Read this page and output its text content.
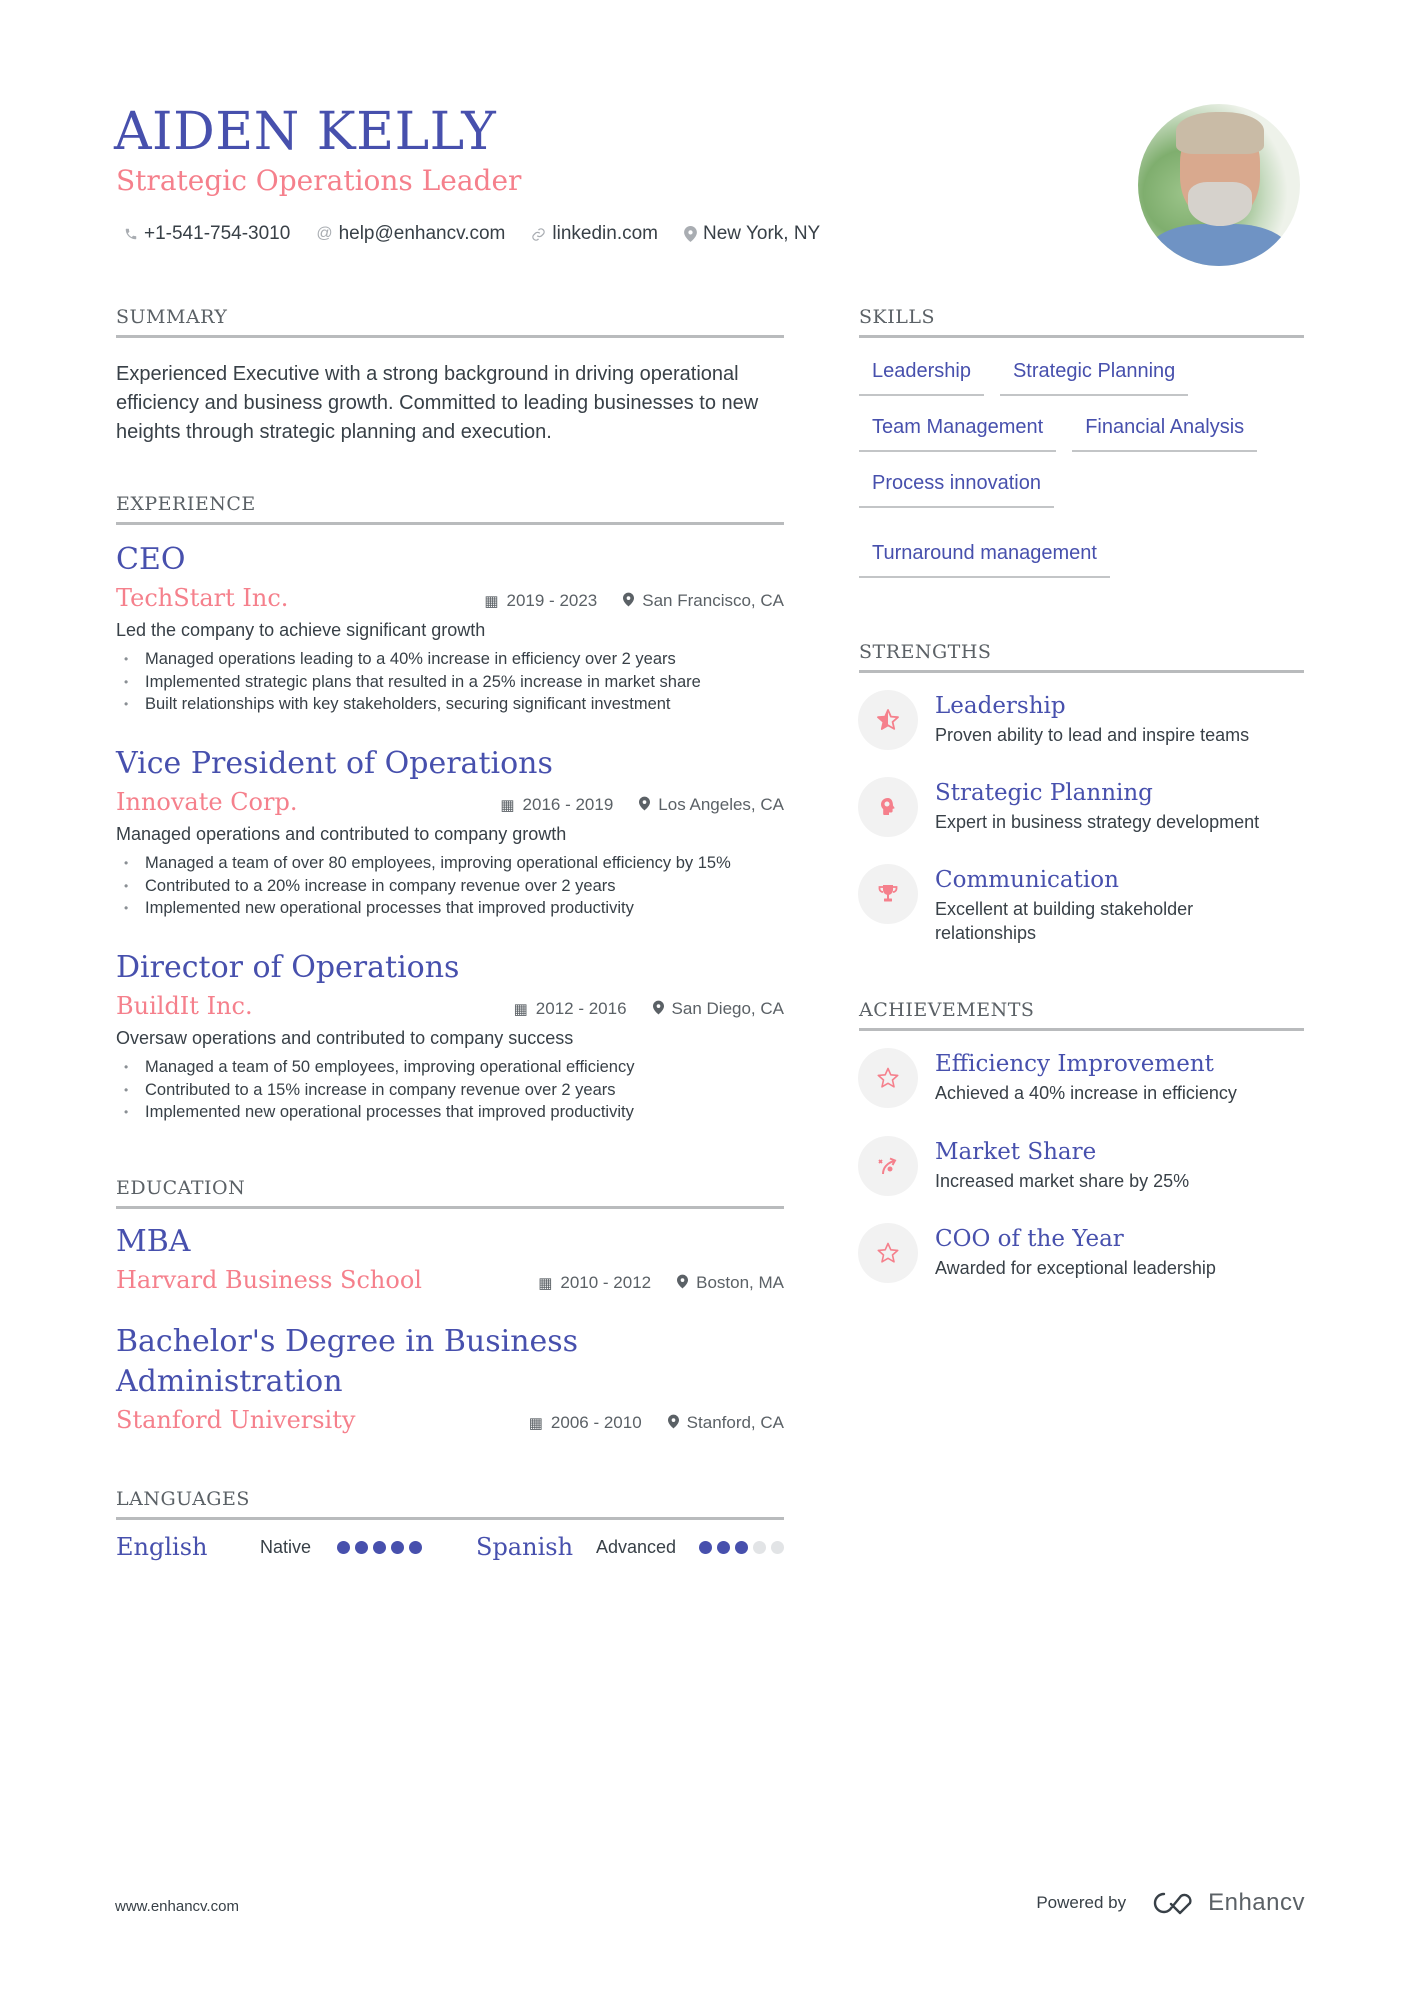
AIDEN KELLY
Strategic Operations Leader
+1-541-754-3010 @ help@enhancv.com linkedin.com New York, NY
SUMMARY
Experienced Executive with a strong background in driving operational efficiency and business growth. Committed to leading businesses to new heights through strategic planning and execution.
EXPERIENCE
CEO
TechStart Inc.	▦ 2019 - 2023	San Francisco, CA
Led the company to achieve significant growth
• Managed operations leading to a 40% increase in efficiency over 2 years
• Implemented strategic plans that resulted in a 25% increase in market share
• Built relationships with key stakeholders, securing significant investment
Vice President of Operations
Innovate Corp.	▦ 2016 - 2019	Los Angeles, CA
Managed operations and contributed to company growth
• Managed a team of over 80 employees, improving operational efficiency by 15%
• Contributed to a 20% increase in company revenue over 2 years
• Implemented new operational processes that improved productivity
Director of Operations
BuildIt Inc.	▦ 2012 - 2016	San Diego, CA
Oversaw operations and contributed to company success
• Managed a team of 50 employees, improving operational efficiency
• Contributed to a 15% increase in company revenue over 2 years
• Implemented new operational processes that improved productivity
EDUCATION
MBA
Harvard Business School	▦ 2010 - 2012	Boston, MA
Bachelor's Degree in Business
Administration
Stanford University	▦ 2006 - 2010	Stanford, CA
LANGUAGES
English	Native	Spanish Advanced
SKILLS
Leadership	Strategic Planning
Team Management	Financial Analysis
Process innovation
Turnaround management
STRENGTHS
Leadership
Proven ability to lead and inspire teams
Strategic Planning
Expert in business strategy development
Communication
Excellent at building stakeholder relationships
ACHIEVEMENTS
Efficiency Improvement
Achieved a 40% increase in efficiency
Market Share
Increased market share by 25%
COO of the Year
Awarded for exceptional leadership
www.enhancv.com	Powered by	Enhancv
